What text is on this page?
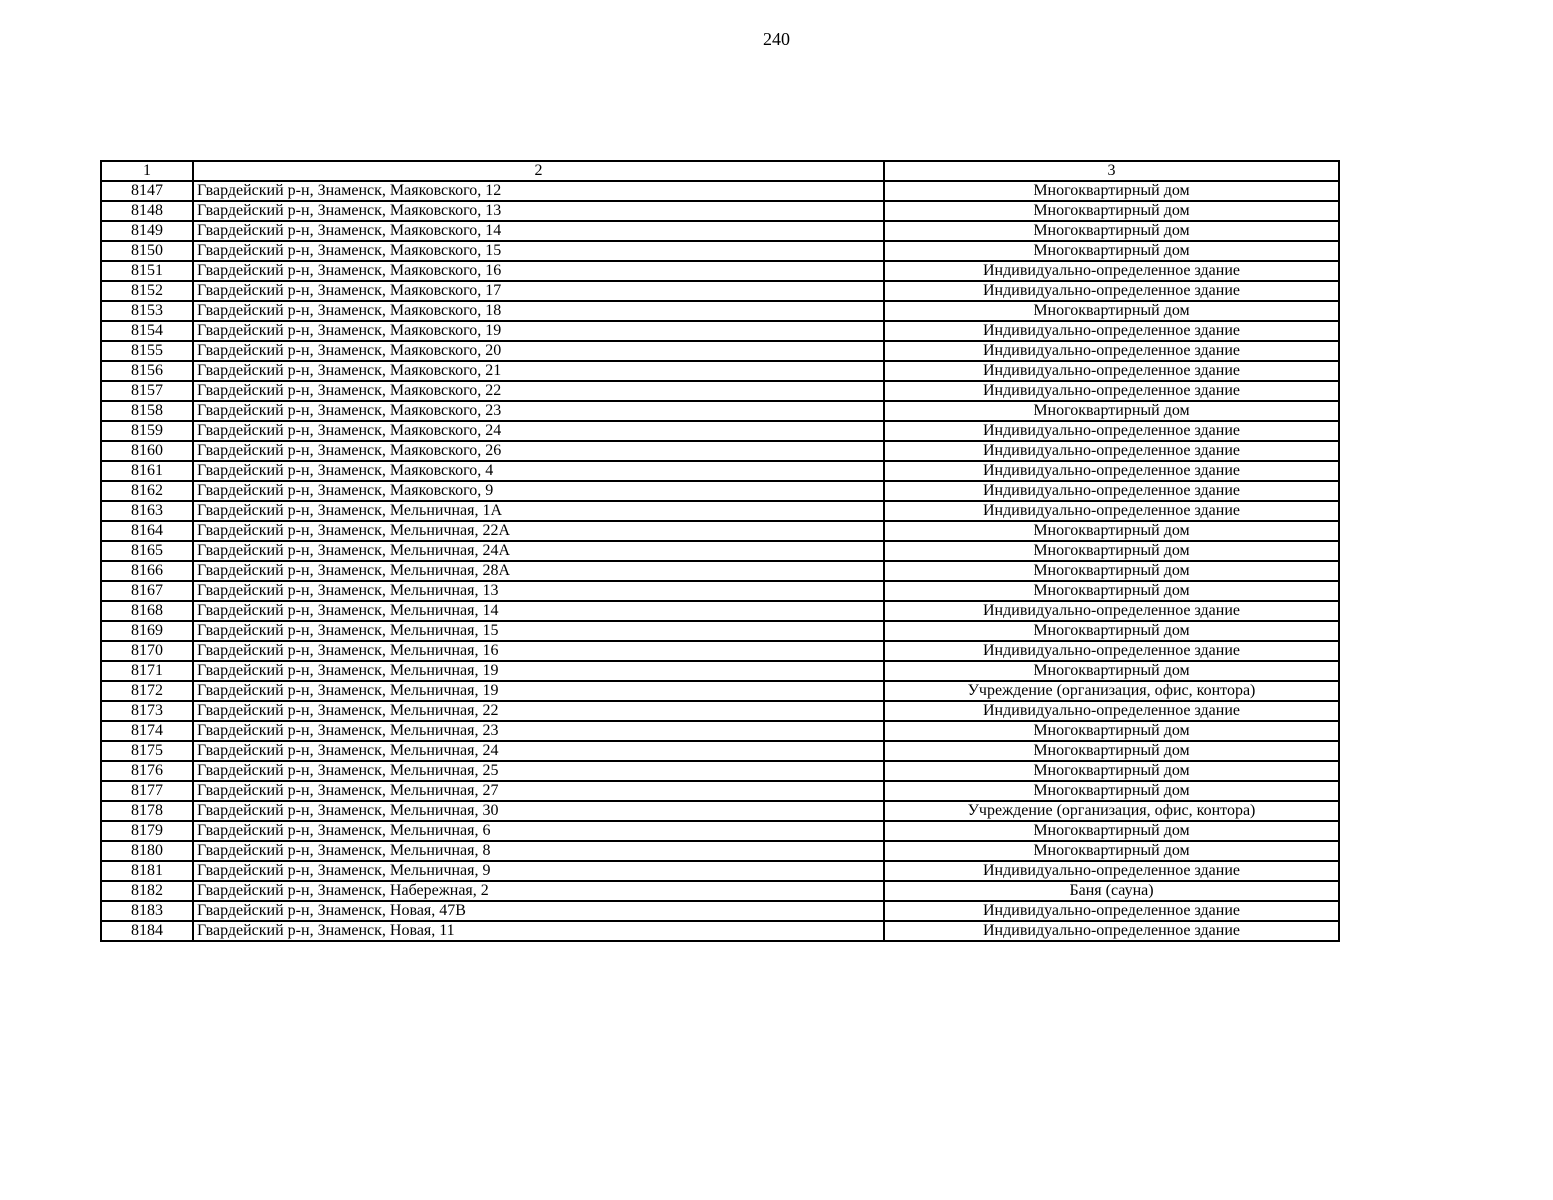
240
1	2	3
8147	Гвардейский р-н, Знаменск, Маяковского, 12	Многоквартирный дом
8148	Гвардейский р-н, Знаменск, Маяковского, 13	Многоквартирный дом
8149	Гвардейский р-н, Знаменск, Маяковского, 14	Многоквартирный дом
8150	Гвардейский р-н, Знаменск, Маяковского, 15	Многоквартирный дом
8151	Гвардейский р-н, Знаменск, Маяковского, 16	Индивидуально-определенное здание
8152	Гвардейский р-н, Знаменск, Маяковского, 17	Индивидуально-определенное здание
8153	Гвардейский р-н, Знаменск, Маяковского, 18	Многоквартирный дом
8154	Гвардейский р-н, Знаменск, Маяковского, 19	Индивидуально-определенное здание
8155	Гвардейский р-н, Знаменск, Маяковского, 20	Индивидуально-определенное здание
8156	Гвардейский р-н, Знаменск, Маяковского, 21	Индивидуально-определенное здание
8157	Гвардейский р-н, Знаменск, Маяковского, 22	Индивидуально-определенное здание
8158	Гвардейский р-н, Знаменск, Маяковского, 23	Многоквартирный дом
8159	Гвардейский р-н, Знаменск, Маяковского, 24	Индивидуально-определенное здание
8160	Гвардейский р-н, Знаменск, Маяковского, 26	Индивидуально-определенное здание
8161	Гвардейский р-н, Знаменск, Маяковского, 4	Индивидуально-определенное здание
8162	Гвардейский р-н, Знаменск, Маяковского, 9	Индивидуально-определенное здание
8163	Гвардейский р-н, Знаменск, Мельничная, 1А	Индивидуально-определенное здание
8164	Гвардейский р-н, Знаменск, Мельничная, 22А	Многоквартирный дом
8165	Гвардейский р-н, Знаменск, Мельничная, 24А	Многоквартирный дом
8166	Гвардейский р-н, Знаменск, Мельничная, 28А	Многоквартирный дом
8167	Гвардейский р-н, Знаменск, Мельничная, 13	Многоквартирный дом
8168	Гвардейский р-н, Знаменск, Мельничная, 14	Индивидуально-определенное здание
8169	Гвардейский р-н, Знаменск, Мельничная, 15	Многоквартирный дом
8170	Гвардейский р-н, Знаменск, Мельничная, 16	Индивидуально-определенное здание
8171	Гвардейский р-н, Знаменск, Мельничная, 19	Многоквартирный дом
8172	Гвардейский р-н, Знаменск, Мельничная, 19	Учреждение (организация, офис, контора)
8173	Гвардейский р-н, Знаменск, Мельничная, 22	Индивидуально-определенное здание
8174	Гвардейский р-н, Знаменск, Мельничная, 23	Многоквартирный дом
8175	Гвардейский р-н, Знаменск, Мельничная, 24	Многоквартирный дом
8176	Гвардейский р-н, Знаменск, Мельничная, 25	Многоквартирный дом
8177	Гвардейский р-н, Знаменск, Мельничная, 27	Многоквартирный дом
8178	Гвардейский р-н, Знаменск, Мельничная, 30	Учреждение (организация, офис, контора)
8179	Гвардейский р-н, Знаменск, Мельничная, 6	Многоквартирный дом
8180	Гвардейский р-н, Знаменск, Мельничная, 8	Многоквартирный дом
8181	Гвардейский р-н, Знаменск, Мельничная, 9	Индивидуально-определенное здание
8182	Гвардейский р-н, Знаменск, Набережная, 2	Баня (сауна)
8183	Гвардейский р-н, Знаменск, Новая, 47В	Индивидуально-определенное здание
8184	Гвардейский р-н, Знаменск, Новая, 11	Индивидуально-определенное здание
